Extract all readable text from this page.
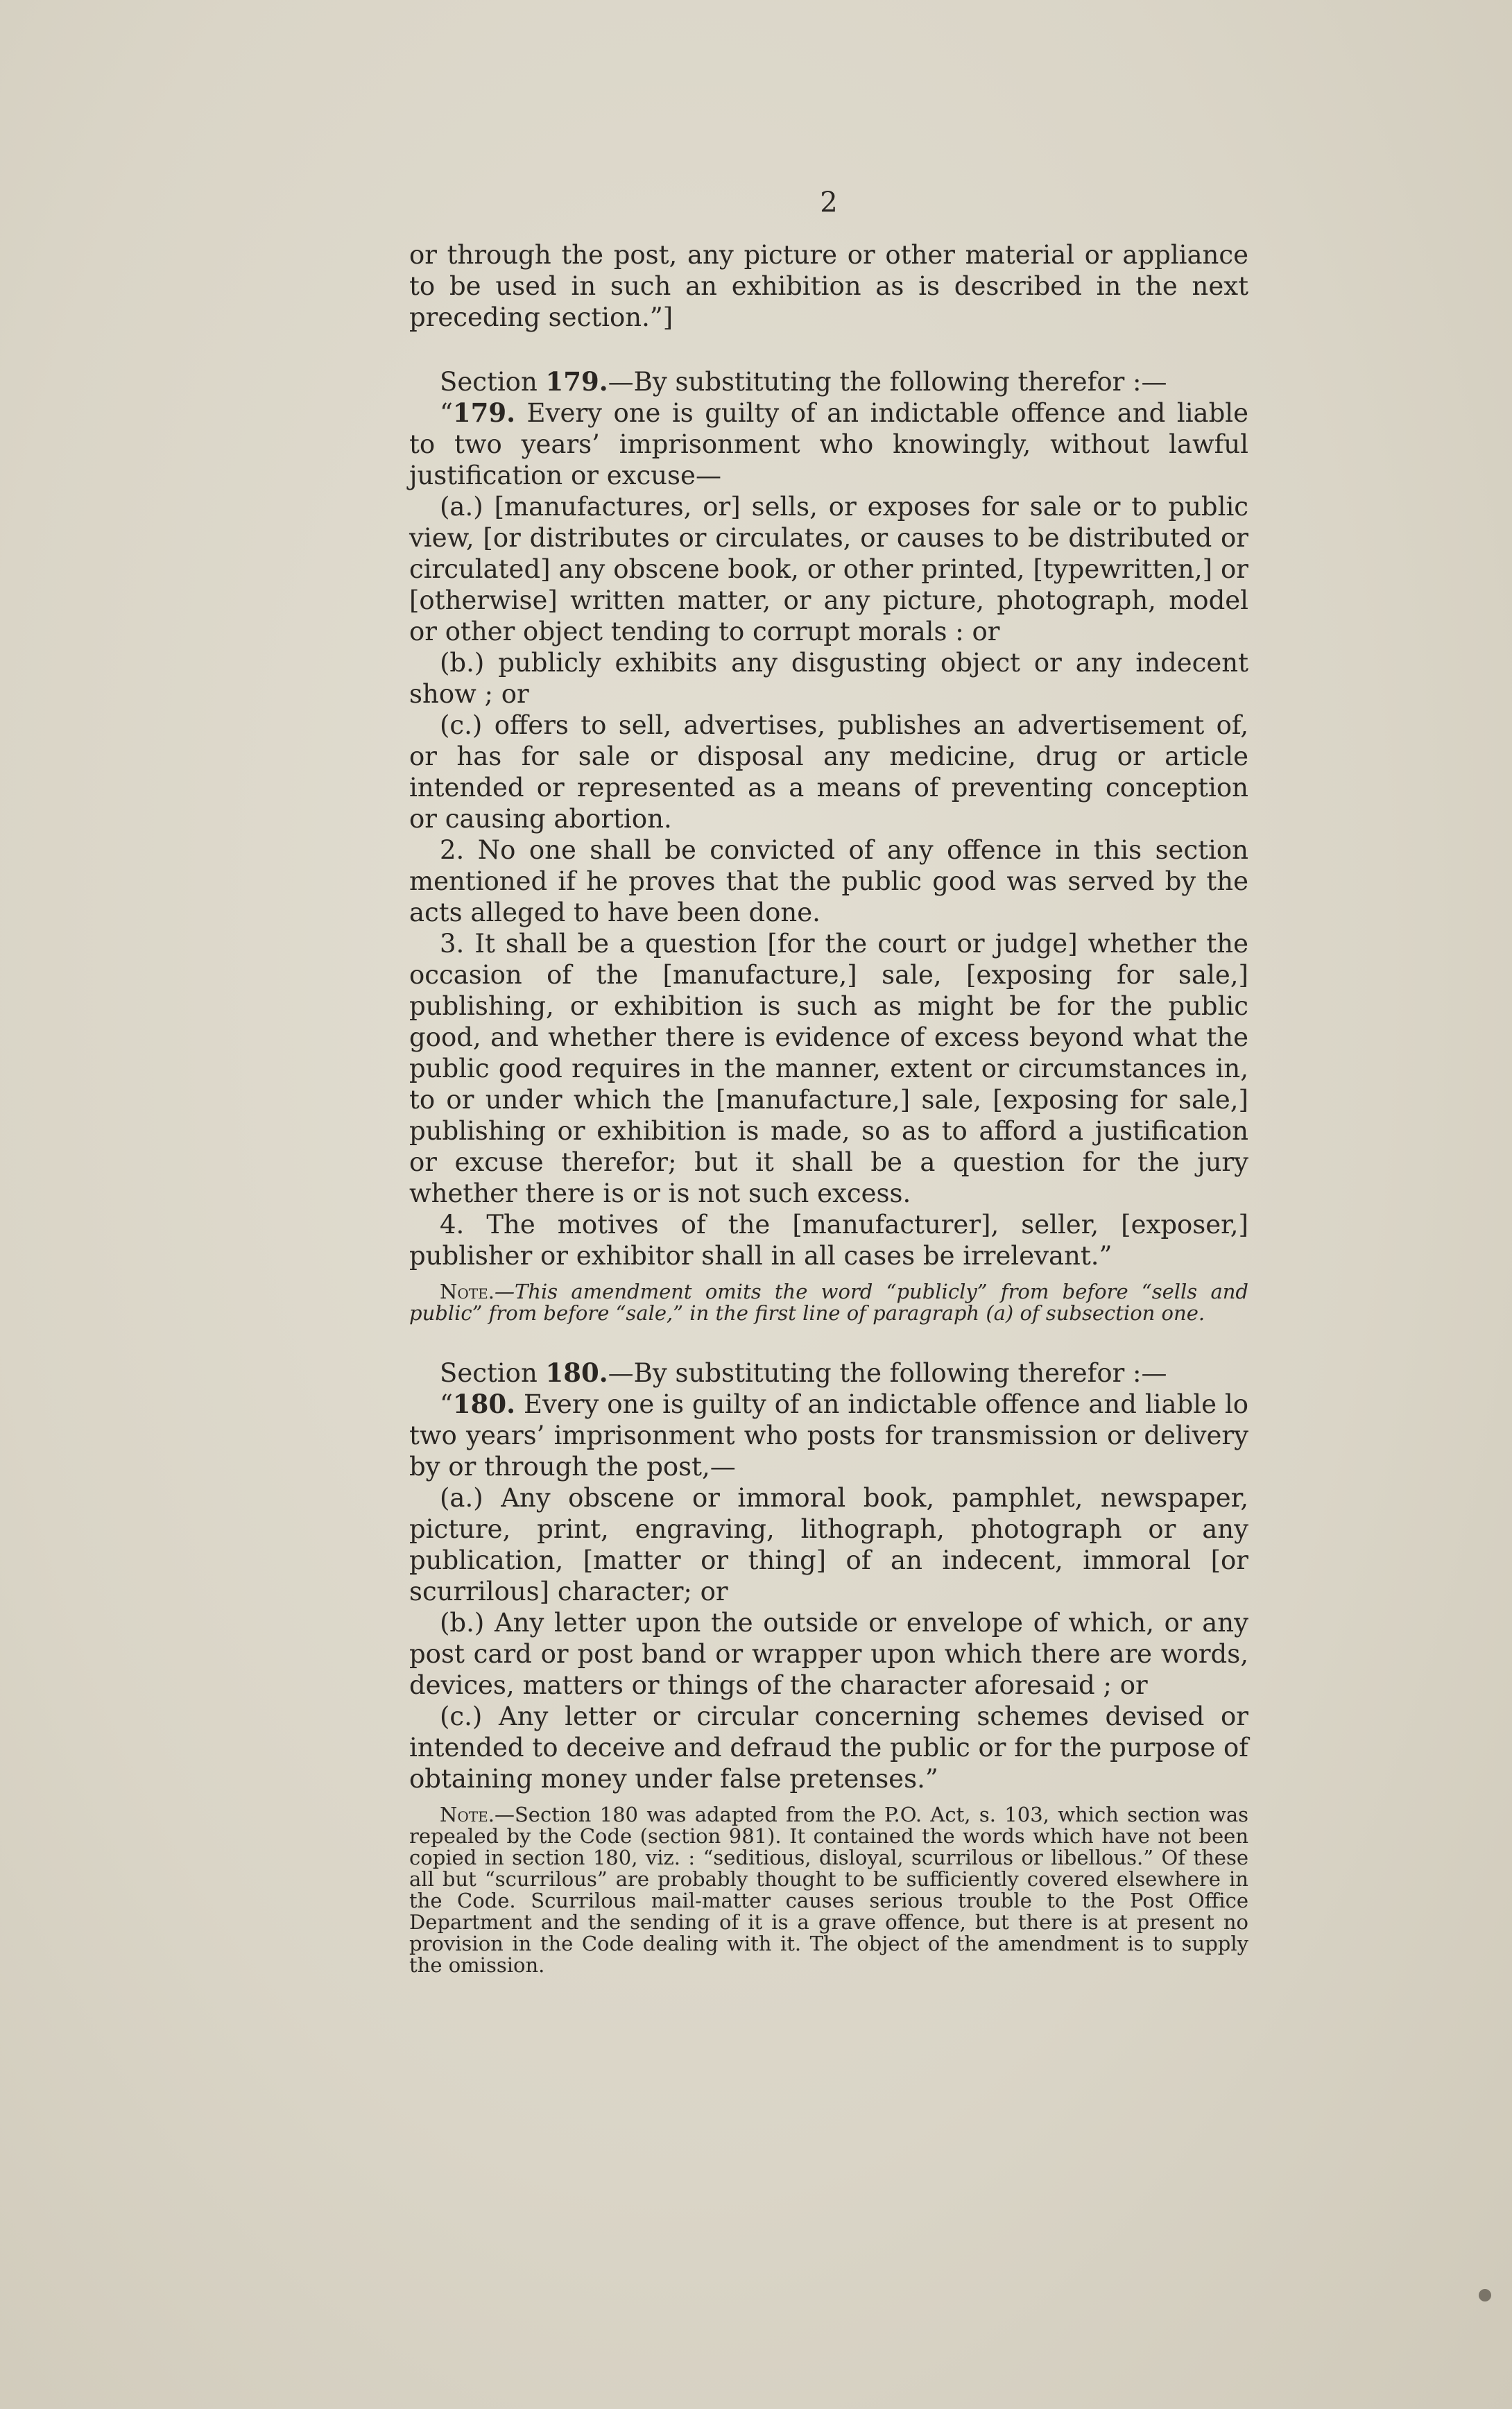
2

or through the post, any picture or other material or appliance to be used in such an exhibition as is described in the next preceding section.”]

Section 179.—By substituting the following therefor :—

“179. Every one is guilty of an indictable offence and liable to two years’ imprisonment who knowingly, without lawful justification or excuse—

(a.) [manufactures, or] sells, or exposes for sale or to public view, [or distributes or circulates, or causes to be distributed or circulated] any obscene book, or other printed, [typewritten,] or [otherwise] written matter, or any picture, photograph, model or other object tending to corrupt morals : or

(b.) publicly exhibits any disgusting object or any indecent show ; or

(c.) offers to sell, advertises, publishes an advertisement of, or has for sale or disposal any medicine, drug or article intended or represented as a means of preventing conception or causing abortion.

2. No one shall be convicted of any offence in this section mentioned if he proves that the public good was served by the acts alleged to have been done.

3. It shall be a question [for the court or judge] whether the occasion of the [manufacture,] sale, [exposing for sale,] publishing, or exhibition is such as might be for the public good, and whether there is evidence of excess beyond what the public good requires in the manner, extent or circumstances in, to or under which the [manufacture,] sale, [exposing for sale,] publishing or exhibition is made, so as to afford a justification or excuse therefor; but it shall be a question for the jury whether there is or is not such excess.

4. The motives of the [manufacturer], seller, [exposer,] publisher or exhibitor shall in all cases be irrelevant.”

Note.—This amendment omits the word “publicly” from before “sells and public” from before “sale,” in the first line of paragraph (a) of subsection one.

Section 180.—By substituting the following therefor :—

“180. Every one is guilty of an indictable offence and liable lo two years’ imprisonment who posts for transmission or delivery by or through the post,—

(a.) Any obscene or immoral book, pamphlet, newspaper, picture, print, engraving, lithograph, photograph or any publication, [matter or thing] of an indecent, immoral [or scurrilous] character; or

(b.) Any letter upon the outside or envelope of which, or any post card or post band or wrapper upon which there are words, devices, matters or things of the character aforesaid ; or

(c.) Any letter or circular concerning schemes devised or intended to deceive and defraud the public or for the purpose of obtaining money under false pretenses.”

Note.—Section 180 was adapted from the P.O. Act, s. 103, which section was repealed by the Code (section 981). It contained the words which have not been copied in section 180, viz. : “seditious, disloyal, scurrilous or libellous.” Of these all but “scurrilous” are probably thought to be sufficiently covered elsewhere in the Code. Scurrilous mail-matter causes serious trouble to the Post Office Department and the sending of it is a grave offence, but there is at present no provision in the Code dealing with it. The object of the amendment is to supply the omission.
